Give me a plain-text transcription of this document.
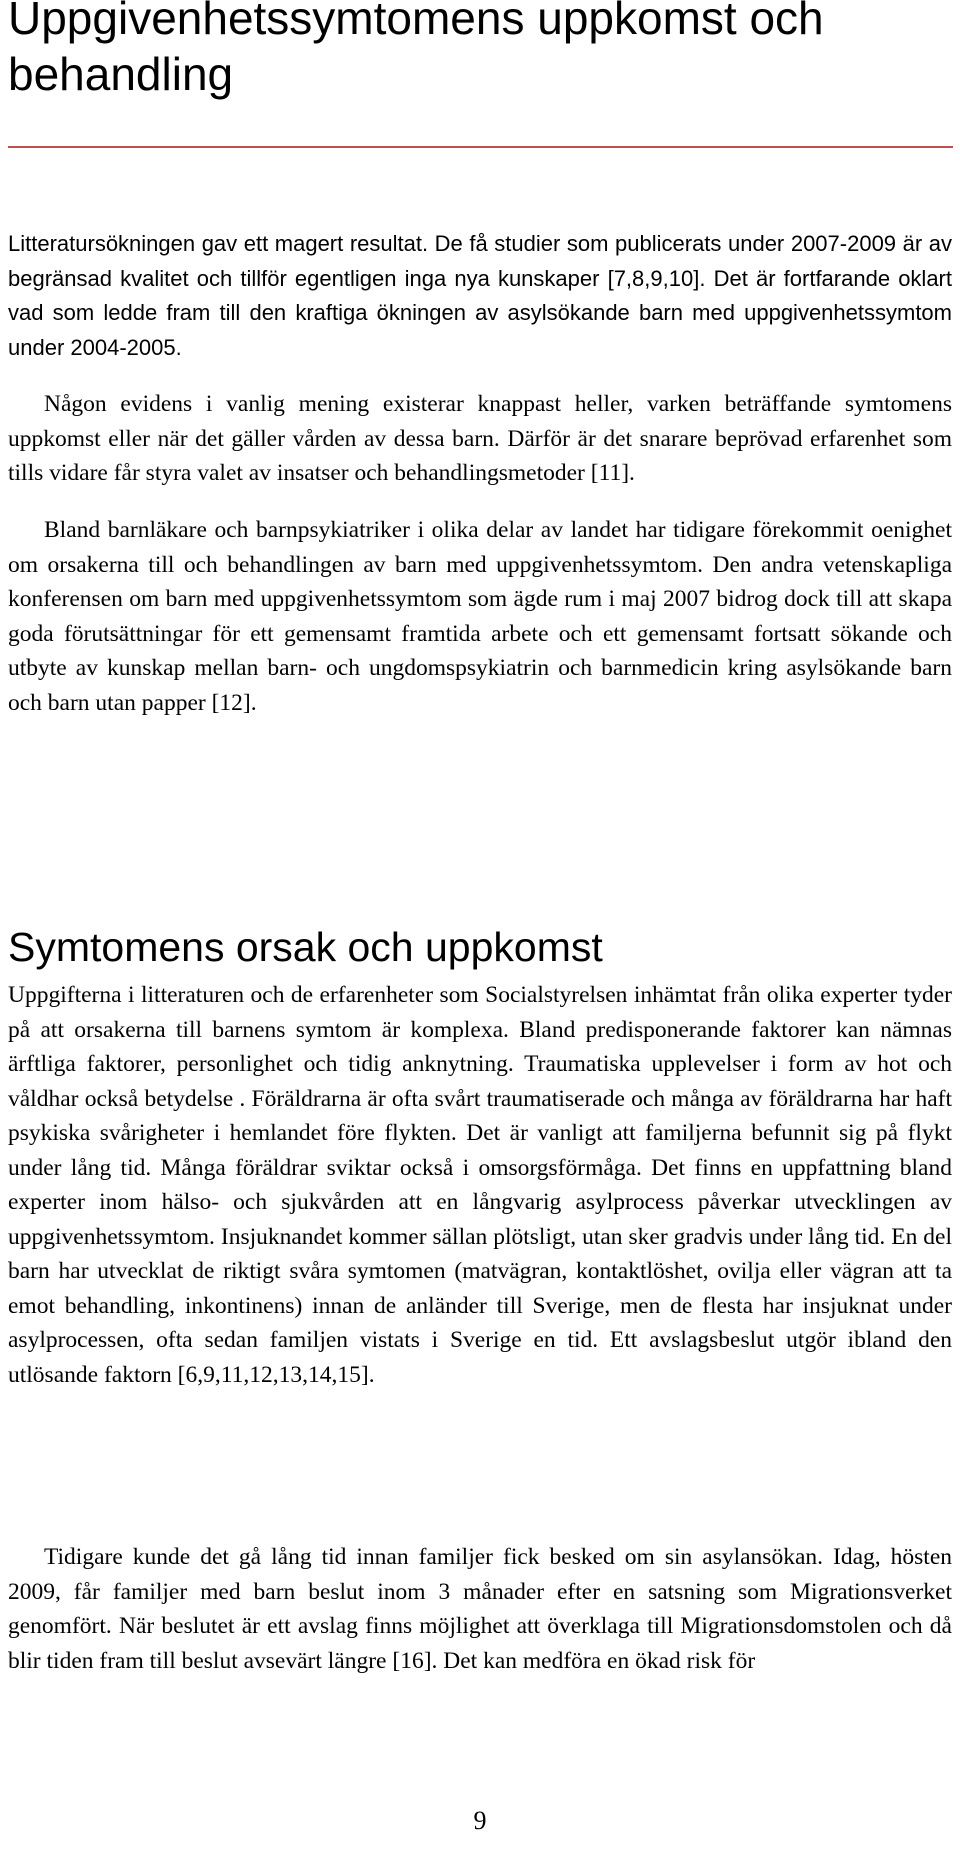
Uppgivenhetssymtomens uppkomst och behandling

Litteratursökningen gav ett magert resultat. De få studier som publicerats under 2007-2009 är av begränsad kvalitet och tillför egentligen inga nya kunskaper [7,8,9,10]. Det är fortfarande oklart vad som ledde fram till den kraftiga ökningen av asylsökande barn med uppgivenhetssymtom under 2004-2005.

Någon evidens i vanlig mening existerar knappast heller, varken beträffande symtomens uppkomst eller när det gäller vården av dessa barn. Därför är det snarare beprövad erfarenhet som tills vidare får styra valet av insatser och behandlingsmetoder [11].

Bland barnläkare och barnpsykiatriker i olika delar av landet har tidigare förekommit oenighet om orsakerna till och behandlingen av barn med uppgivenhetssymtom. Den andra vetenskapliga konferensen om barn med uppgivenhetssymtom som ägde rum i maj 2007 bidrog dock till att skapa goda förutsättningar för ett gemensamt framtida arbete och ett gemensamt fortsatt sökande och utbyte av kunskap mellan barn- och ungdomspsykiatrin och barnmedicin kring asylsökande barn och barn utan papper [12].

Symtomens orsak och uppkomst

Uppgifterna i litteraturen och de erfarenheter som Socialstyrelsen inhämtat från olika experter tyder på att orsakerna till barnens symtom är komplexa. Bland predisponerande faktorer kan nämnas ärftliga faktorer, personlighet och tidig anknytning. Traumatiska upplevelser i form av hot och våldhar också betydelse . Föräldrarna är ofta svårt traumatiserade och många av föräldrarna har haft psykiska svårigheter i hemlandet före flykten. Det är vanligt att familjerna befunnit sig på flykt under lång tid. Många föräldrar sviktar också i omsorgsförmåga. Det finns en uppfattning bland experter inom hälso- och sjukvården att en långvarig asylprocess påverkar utvecklingen av uppgivenhetssymtom. Insjuknandet kommer sällan plötsligt, utan sker gradvis under lång tid. En del barn har utvecklat de riktigt svåra symtomen (matvägran, kontaktlöshet, ovilja eller vägran att ta emot behandling, inkontinens) innan de anländer till Sverige, men de flesta har insjuknat under asylprocessen, ofta sedan familjen vistats i Sverige en tid. Ett avslagsbeslut utgör ibland den utlösande faktorn [6,9,11,12,13,14,15].

Tidigare kunde det gå lång tid innan familjer fick besked om sin asylansökan. Idag, hösten 2009, får familjer med barn beslut inom 3 månader efter en satsning som Migrationsverket genomfört. När beslutet är ett avslag finns möjlighet att överklaga till Migrationsdomstolen och då blir tiden fram till beslut avsevärt längre [16]. Det kan medföra en ökad risk för

9
